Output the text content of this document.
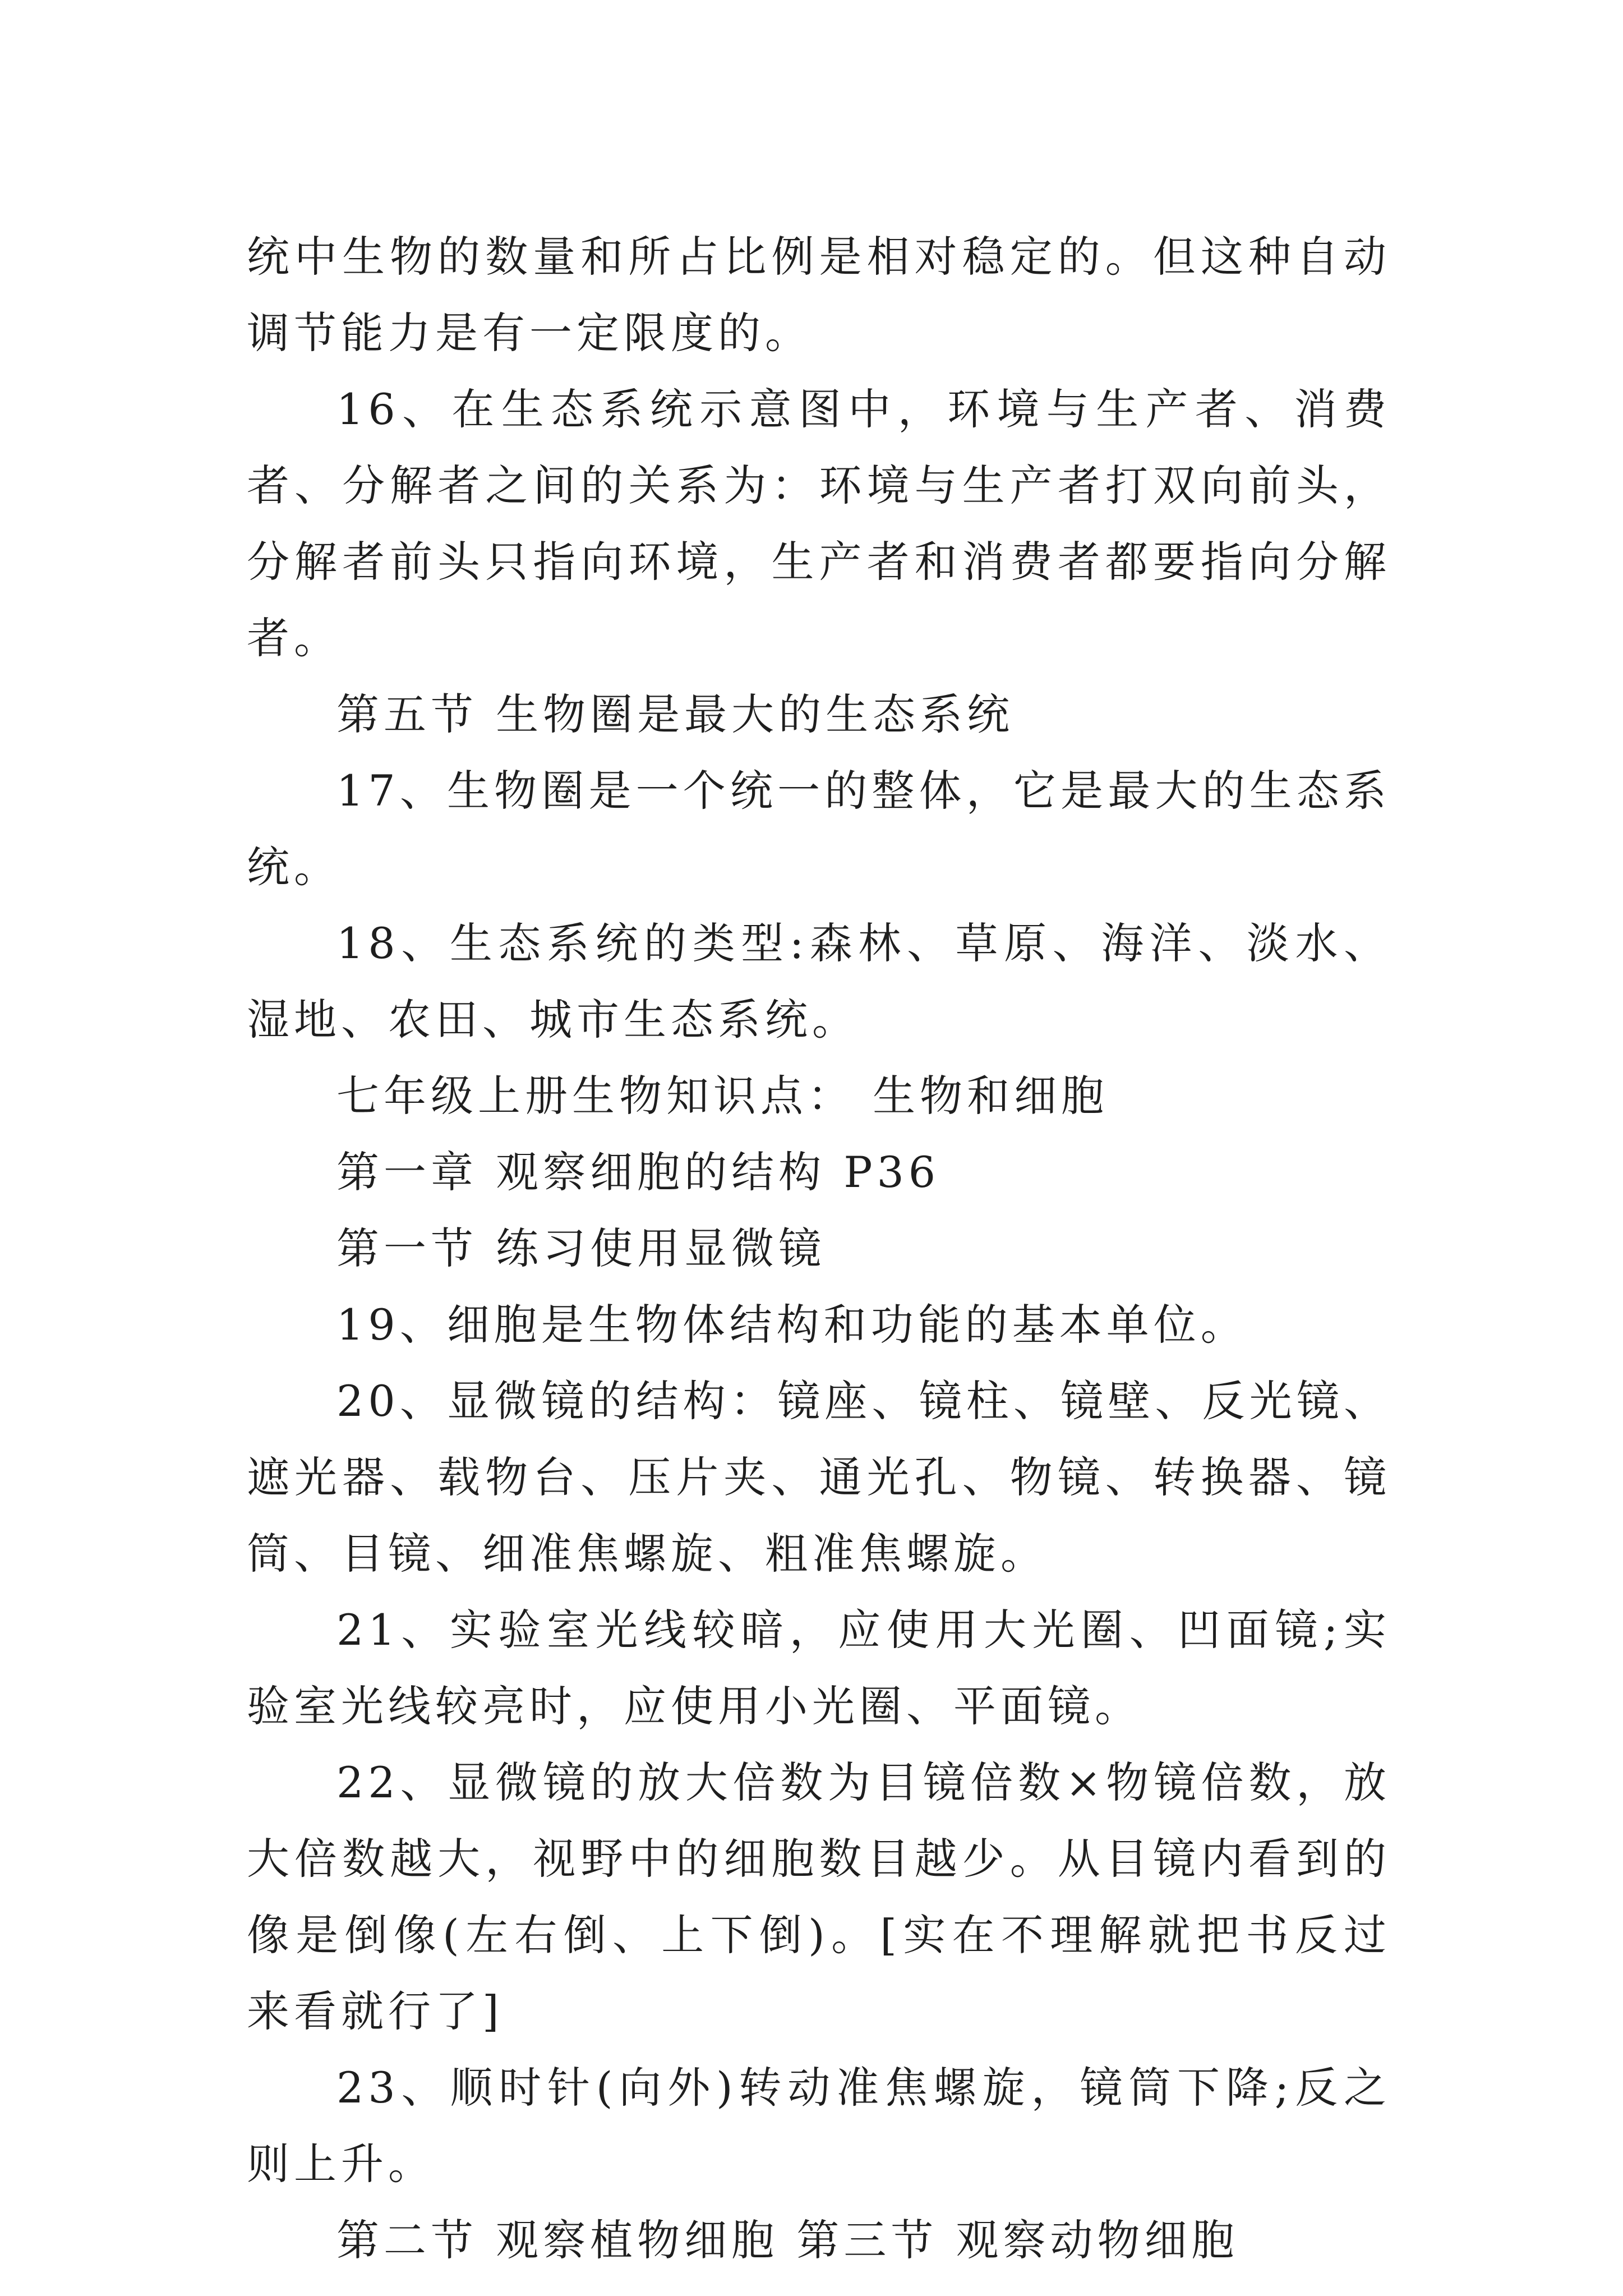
统中生物的数量和所占比例是相对稳定的。但这种自动调节能力是有一定限度的。

16、在生态系统示意图中，环境与生产者、消费者、分解者之间的关系为：环境与生产者打双向前头，分解者前头只指向环境，生产者和消费者都要指向分解者。

第五节 生物圈是最大的生态系统

17、生物圈是一个统一的整体，它是最大的生态系统。

18、生态系统的类型:森林、草原、海洋、淡水、湿地、农田、城市生态系统。

七年级上册生物知识点： 生物和细胞

第一章 观察细胞的结构 P36

第一节 练习使用显微镜

19、细胞是生物体结构和功能的基本单位。

20、显微镜的结构：镜座、镜柱、镜壁、反光镜、遮光器、载物台、压片夹、通光孔、物镜、转换器、镜筒、目镜、细准焦螺旋、粗准焦螺旋。

21、实验室光线较暗，应使用大光圈、凹面镜;实验室光线较亮时，应使用小光圈、平面镜。

22、显微镜的放大倍数为目镜倍数×物镜倍数，放大倍数越大，视野中的细胞数目越少。从目镜内看到的像是倒像(左右倒、上下倒)。[实在不理解就把书反过来看就行了]

23、顺时针(向外)转动准焦螺旋，镜筒下降;反之则上升。

第二节 观察植物细胞 第三节 观察动物细胞
